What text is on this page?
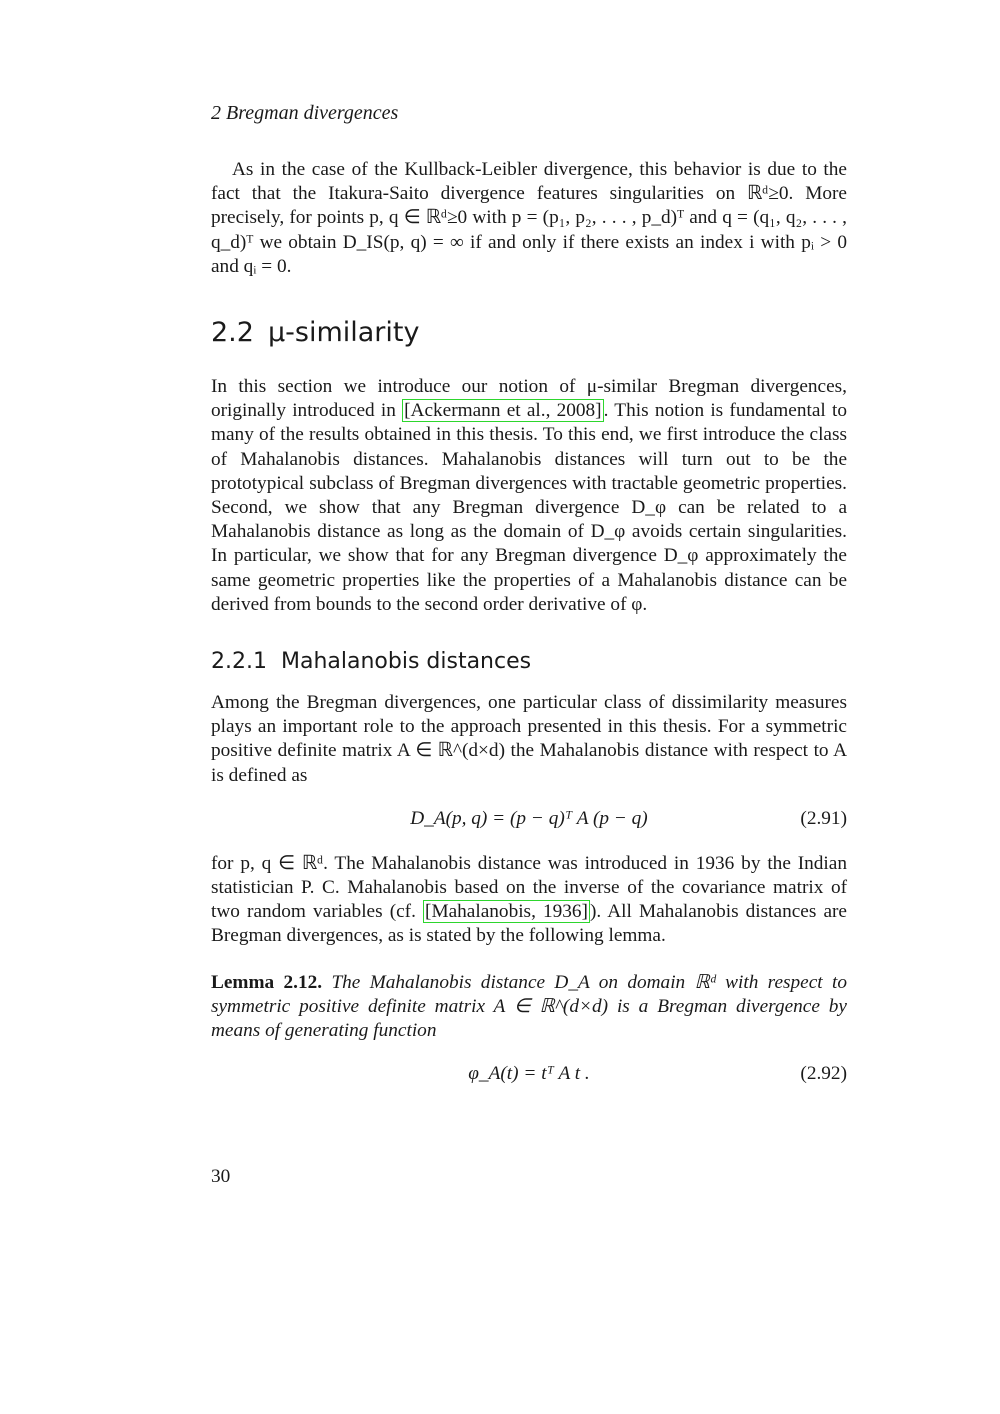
2 Bregman divergences

As in the case of the Kullback-Leibler divergence, this behavior is due to the fact that the Itakura-Saito divergence features singularities on ℝᵈ≥0. More precisely, for points p, q ∈ ℝᵈ≥0 with p = (p₁, p₂, . . . , p_d)ᵀ and q = (q₁, q₂, . . . , q_d)ᵀ we obtain D_IS(p, q) = ∞ if and only if there exists an index i with pᵢ > 0 and qᵢ = 0.

2.2 μ-similarity

In this section we introduce our notion of μ-similar Bregman divergences, originally introduced in [Ackermann et al., 2008] . This notion is fundamental to many of the results obtained in this thesis. To this end, we first introduce the class of Mahalanobis distances. Mahalanobis distances will turn out to be the prototypical subclass of Bregman divergences with tractable geometric properties. Second, we show that any Bregman divergence D_φ can be related to a Mahalanobis distance as long as the domain of D_φ avoids certain singularities. In particular, we show that for any Bregman divergence D_φ approximately the same geometric properties like the properties of a Mahalanobis distance can be derived from bounds to the second order derivative of φ.

2.2.1 Mahalanobis distances

Among the Bregman divergences, one particular class of dissimilarity measures plays an important role to the approach presented in this thesis. For a symmetric positive definite matrix A ∈ ℝ^(d×d) the Mahalanobis distance with respect to A is defined as

D_A(p, q) = (p − q)ᵀ A (p − q)	(2.91)

for p, q ∈ ℝᵈ. The Mahalanobis distance was introduced in 1936 by the Indian statistician P. C. Mahalanobis based on the inverse of the covariance matrix of two random variables (cf. [Mahalanobis, 1936] ). All Mahalanobis distances are Bregman divergences, as is stated by the following lemma.

Lemma 2.12. The Mahalanobis distance D_A on domain ℝᵈ with respect to symmetric positive definite matrix A ∈ ℝ^(d×d) is a Bregman divergence by means of generating function

φ_A(t) = tᵀ A t .	(2.92)
30
